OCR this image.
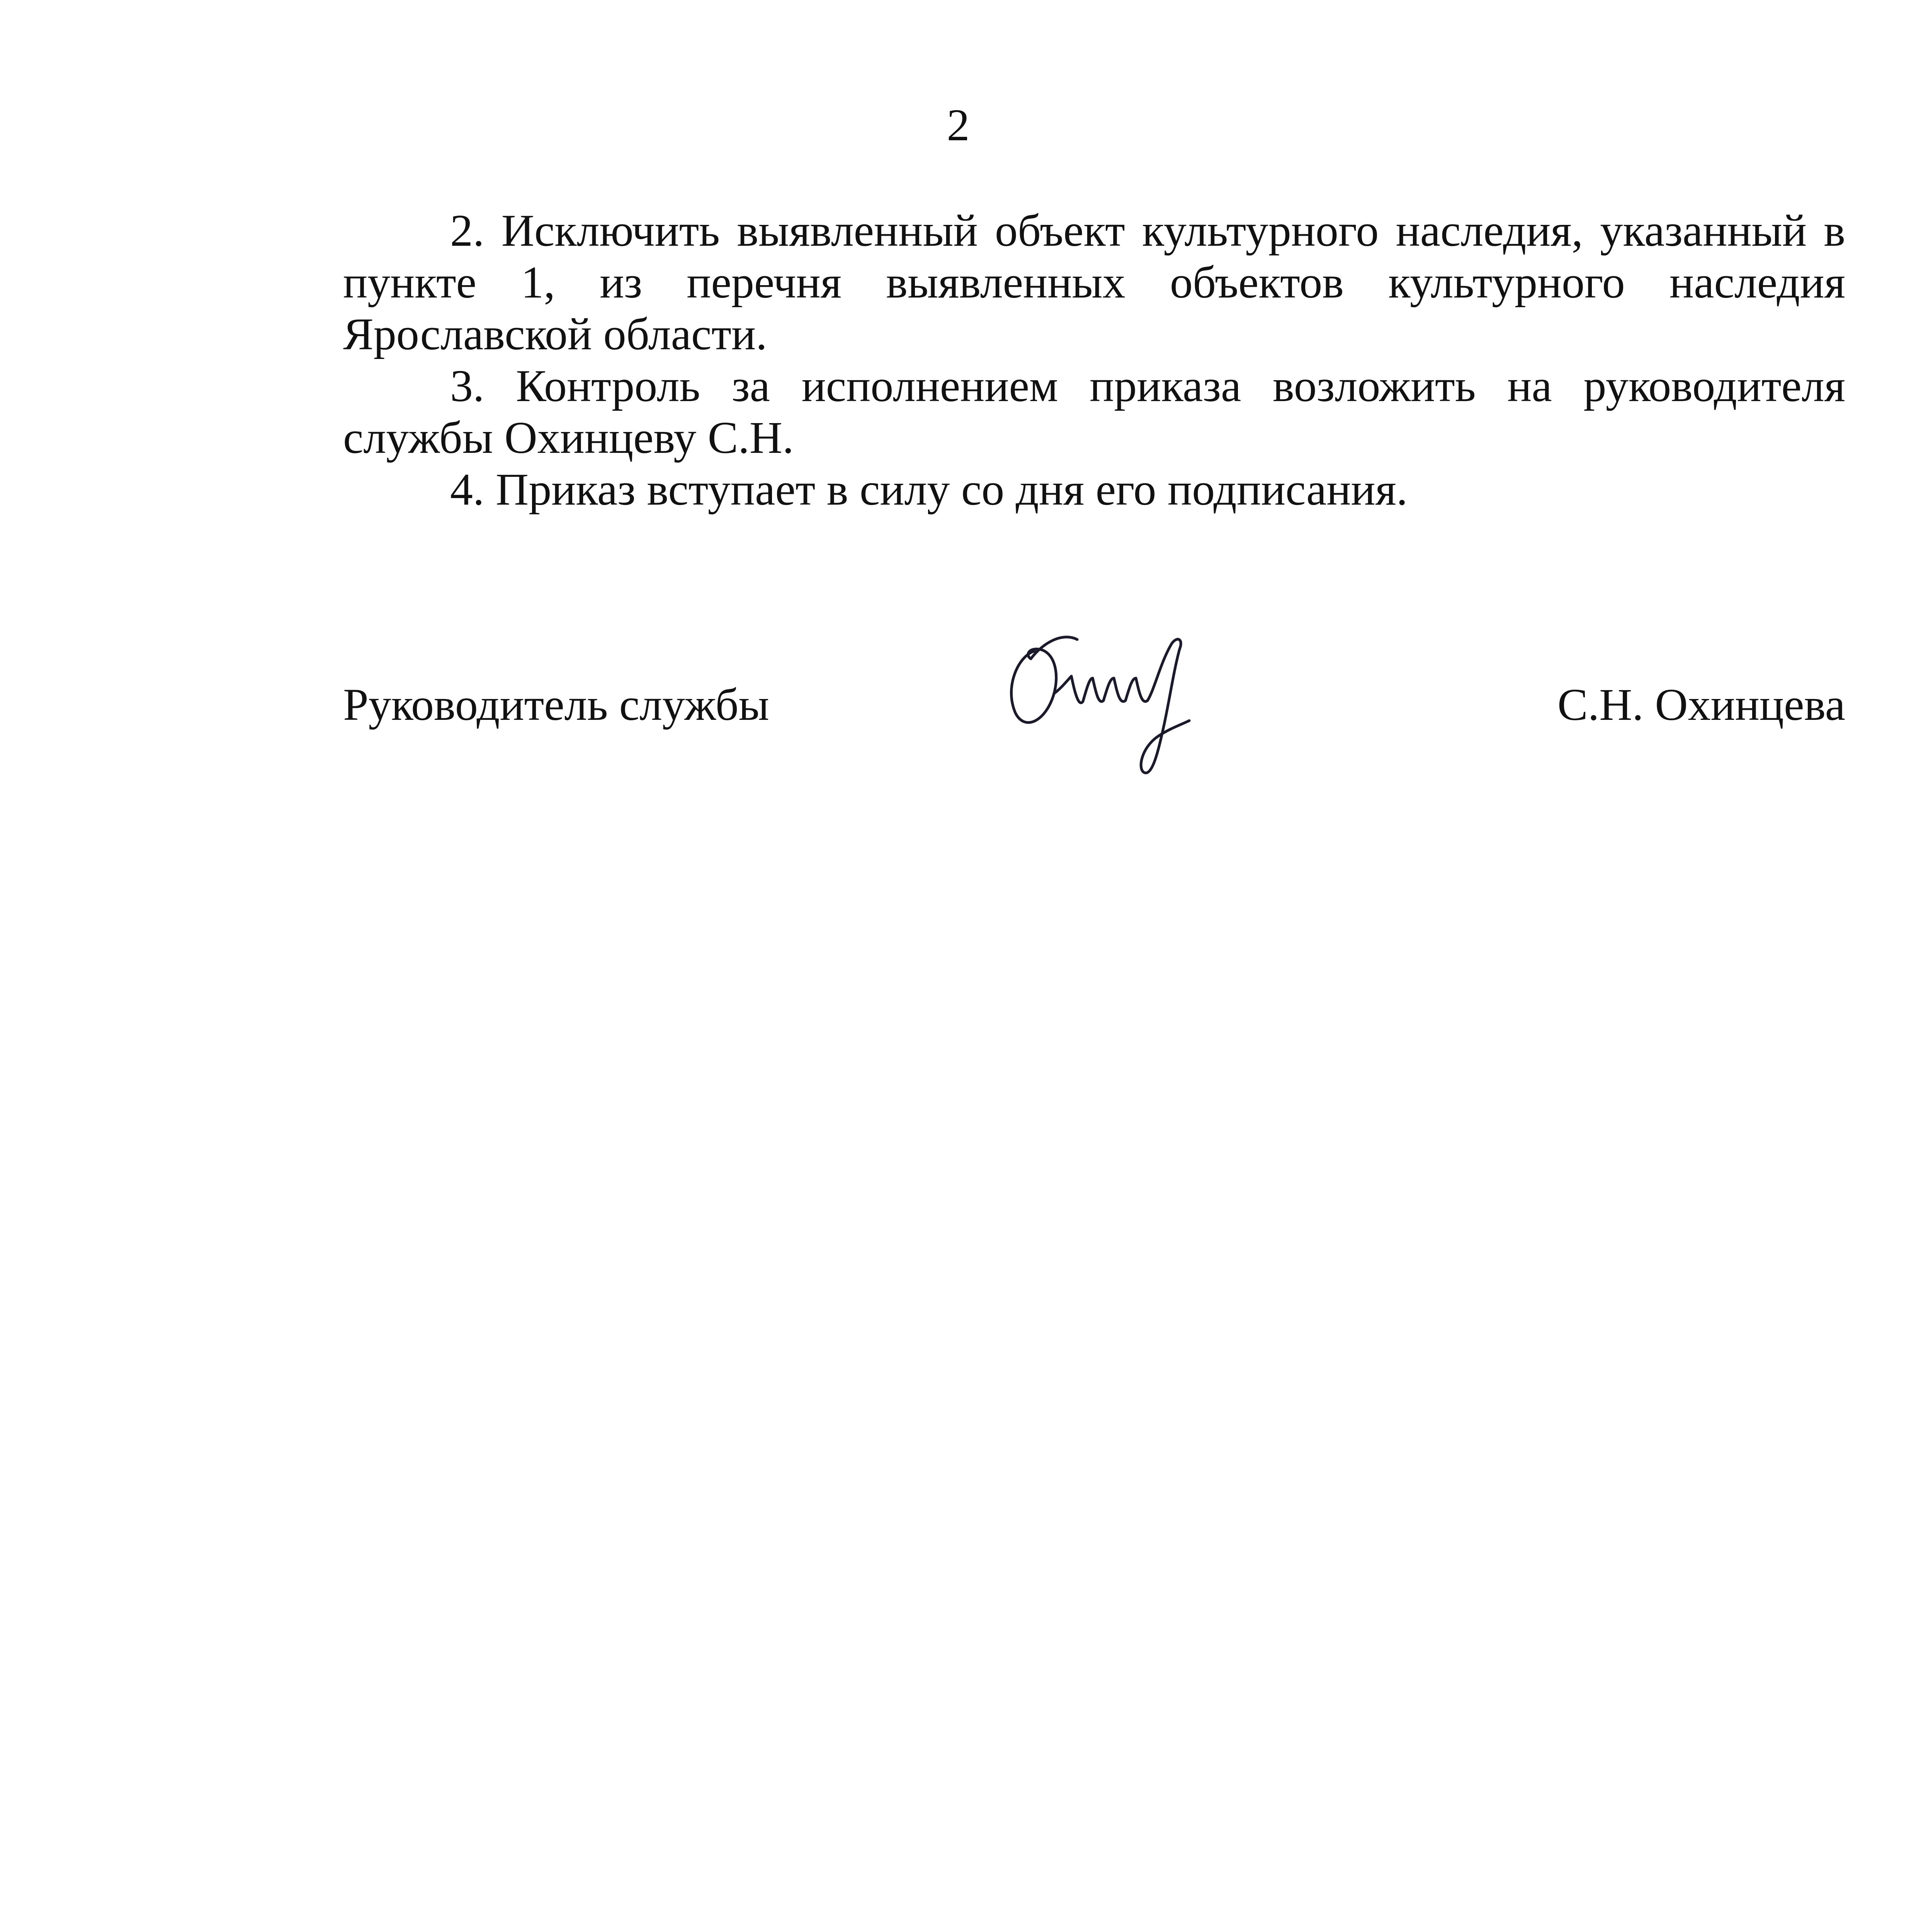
2

2. Исключить выявленный объект культурного наследия, указанный в пункте 1, из перечня выявленных объектов культурного наследия Ярославской области.

3. Контроль за исполнением приказа возложить на руководителя службы Охинцеву С.Н.

4. Приказ вступает в силу со дня его подписания.

Руководитель службы	С.Н. Охинцева
